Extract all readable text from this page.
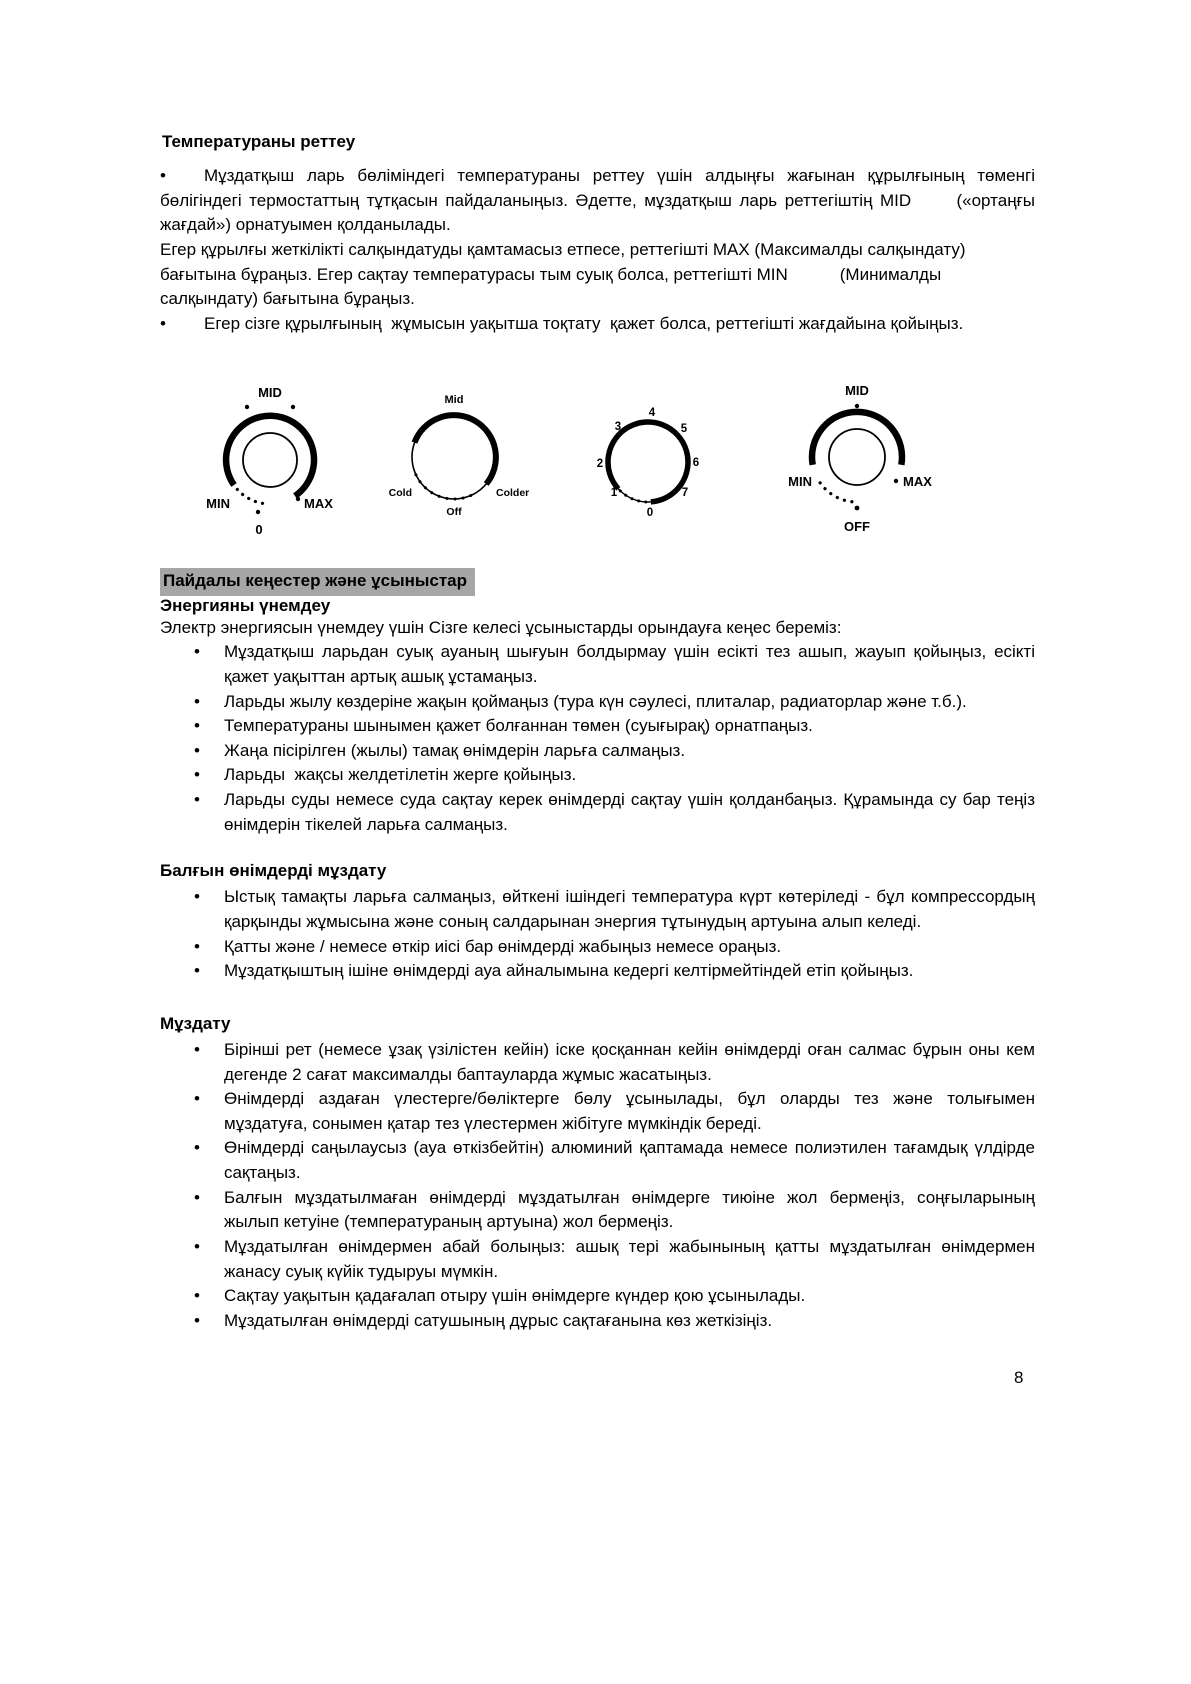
Температураны реттеу

• Мұздатқыш ларь бөліміндегі температураны реттеу үшін алдыңғы жағынан құрылғының төменгі бөлігіндегі термостаттың тұтқасын пайдаланыңыз. Әдетте, мұздатқыш ларь реттегіштің MID      («ортаңғы жағдай») орнатуымен қолданылады.

Егер құрылғы жеткілікті салқындатуды қамтамасыз етпесе, реттегішті MAX (Максималды салқындату) бағытына бұраңыз. Егер сақтау температурасы тым суық болса, реттегішті MIN           (Минималды салқындату) бағытына бұраңыз.

• Егер сізге құрылғының  жұмысын уақытша тоқтату  қажет болса, реттегішті жағдайына қойыңыз.

MID
MIN	MAX
0
Mid
Cold	Colder
Off
4
3
2
1
0
5
6
7
MID
MIN	MAX
OFF
Пайдалы кеңестер және ұсыныстар
Энергияны үнемдеу

Электр энергиясын үнемдеу үшін Сізге келесі ұсыныстарды орындауға кеңес береміз:

•	Мұздатқыш ларьдан суық ауаның шығуын болдырмау үшін есікті тез ашып, жауып қойыңыз, есікті қажет уақыттан артық ашық ұстамаңыз.
•	Ларьды жылу көздеріне жақын қоймаңыз (тура күн сәулесі, плиталар, радиаторлар және т.б.).
•	Температураны шынымен қажет болғаннан төмен (суығырақ) орнатпаңыз.
•	Жаңа пісірілген (жылы) тамақ өнімдерін ларьға салмаңыз.
•	Ларьды  жақсы желдетілетін жерге қойыңыз.
•	Ларьды суды немесе суда сақтау керек өнімдерді сақтау үшін қолданбаңыз. Құрамында су бар теңіз өнімдерін тікелей ларьға салмаңыз.
Балғын өнімдерді мұздату
•	Ыстық тамақты ларьға салмаңыз, өйткені ішіндегі температура күрт көтеріледі - бұл компрессордың қарқынды жұмысына және соның салдарынан энергия тұтынудың артуына алып келеді.
•	Қатты және / немесе өткір иісі бар өнімдерді жабыңыз немесе ораңыз.
•	Мұздатқыштың ішіне өнімдерді ауа айналымына кедергі келтірмейтіндей етіп қойыңыз.
Мұздату
•	Бірінші рет (немесе ұзақ үзілістен кейін) іске қосқаннан кейін өнімдерді оған салмас бұрын оны кем дегенде 2 сағат максималды баптауларда жұмыс жасатыңыз.
•	Өнімдерді аздаған үлестерге/бөліктерге бөлу ұсынылады, бұл оларды тез және толығымен мұздатуға, сонымен қатар тез үлестермен жібітуге мүмкіндік береді.
•	Өнімдерді саңылаусыз (ауа өткізбейтін) алюминий қаптамада немесе полиэтилен тағамдық үлдірде сақтаңыз.
•	Балғын мұздатылмаған өнімдерді мұздатылған өнімдерге тиюіне жол бермеңіз, соңғыларының жылып кетуіне (температураның артуына) жол бермеңіз.
•	Мұздатылған өнімдермен абай болыңыз: ашық тері жабынының қатты мұздатылған өнімдермен жанасу суық күйік тудыруы мүмкін.
•	Сақтау уақытын қадағалап отыру үшін өнімдерге күндер қою ұсынылады.
•	Мұздатылған өнімдерді сатушының дұрыс сақтағанына көз жеткізіңіз.
8
